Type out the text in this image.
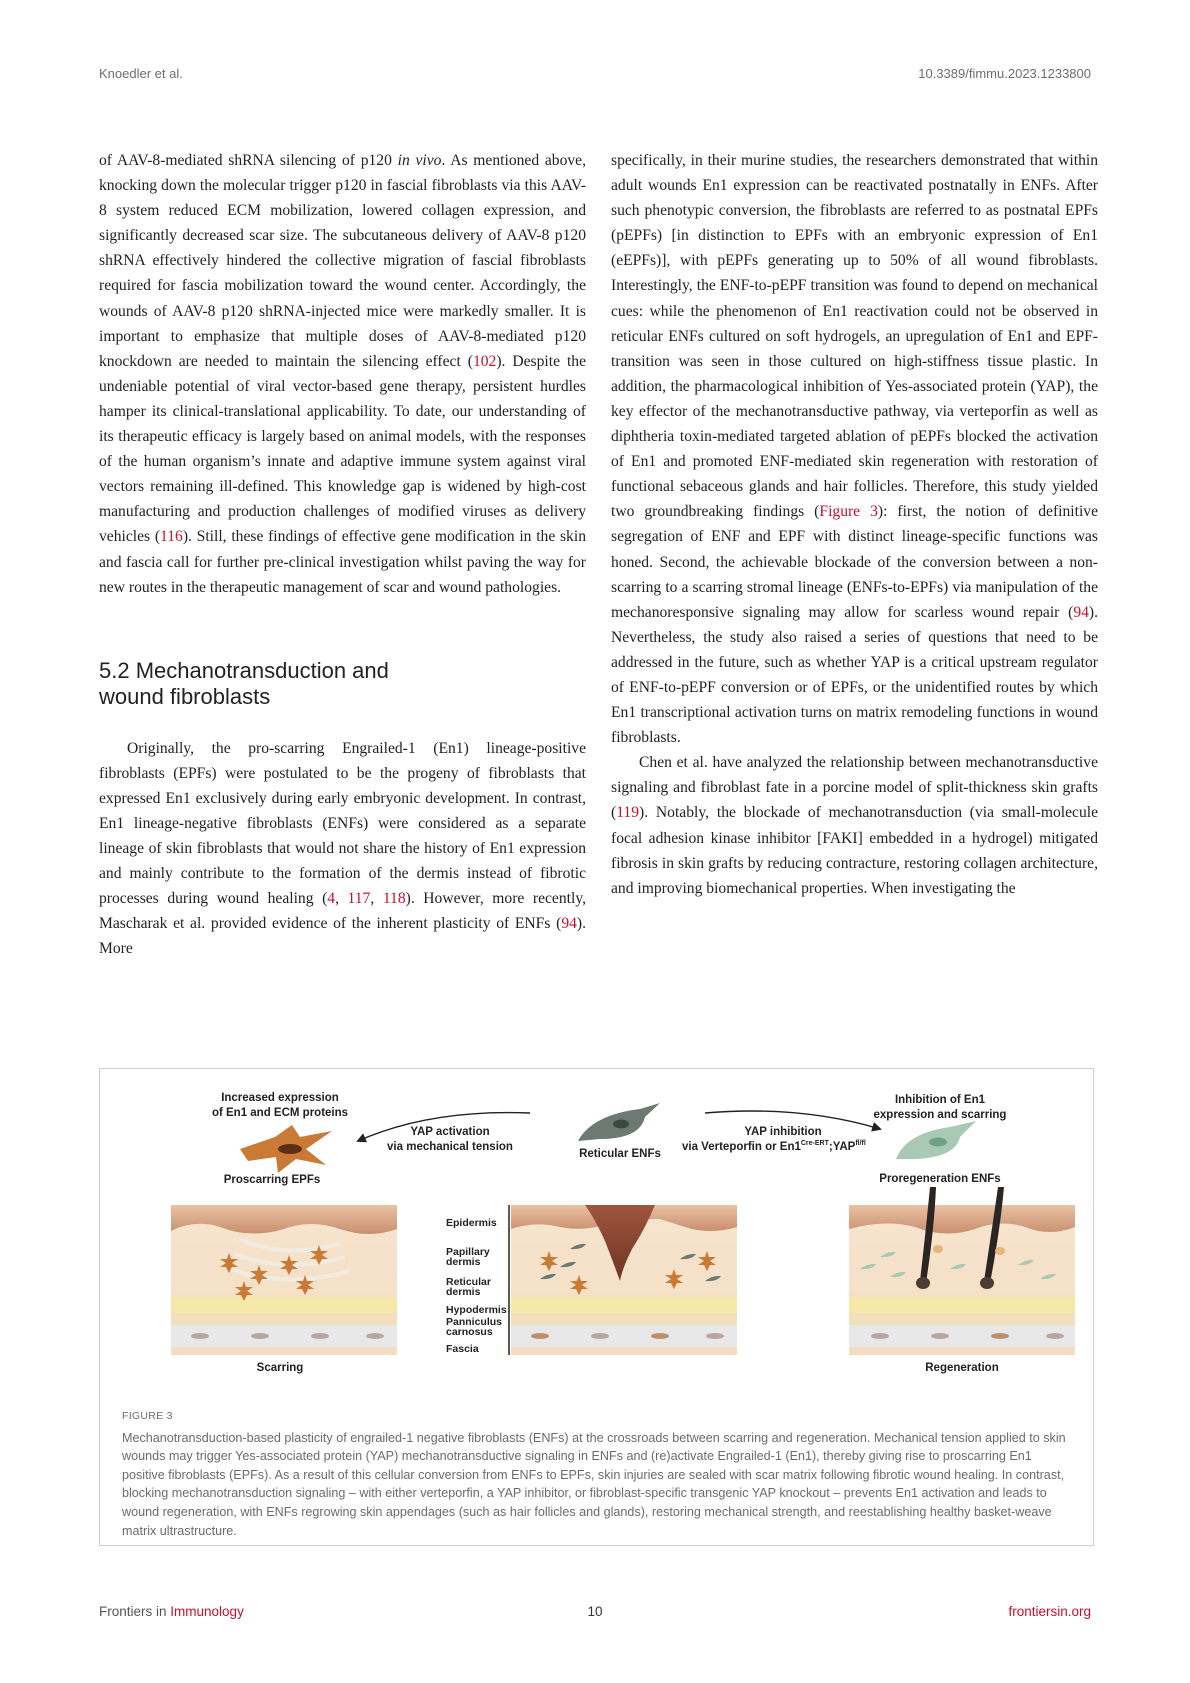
Knoedler et al.	10.3389/fimmu.2023.1233800

of AAV-8-mediated shRNA silencing of p120 in vivo. As mentioned above, knocking down the molecular trigger p120 in fascial fibroblasts via this AAV-8 system reduced ECM mobilization, lowered collagen expression, and significantly decreased scar size. The subcutaneous delivery of AAV-8 p120 shRNA effectively hindered the collective migration of fascial fibroblasts required for fascia mobilization toward the wound center. Accordingly, the wounds of AAV-8 p120 shRNA-injected mice were markedly smaller. It is important to emphasize that multiple doses of AAV-8-mediated p120 knockdown are needed to maintain the silencing effect (102). Despite the undeniable potential of viral vector-based gene therapy, persistent hurdles hamper its clinical-translational applicability. To date, our understanding of its therapeutic efficacy is largely based on animal models, with the responses of the human organism’s innate and adaptive immune system against viral vectors remaining ill-defined. This knowledge gap is widened by high-cost manufacturing and production challenges of modified viruses as delivery vehicles (116). Still, these findings of effective gene modification in the skin and fascia call for further pre-clinical investigation whilst paving the way for new routes in the therapeutic management of scar and wound pathologies.

5.2 Mechanotransduction and
wound fibroblasts

Originally, the pro-scarring Engrailed-1 (En1) lineage-positive fibroblasts (EPFs) were postulated to be the progeny of fibroblasts that expressed En1 exclusively during early embryonic development. In contrast, En1 lineage-negative fibroblasts (ENFs) were considered as a separate lineage of skin fibroblasts that would not share the history of En1 expression and mainly contribute to the formation of the dermis instead of fibrotic processes during wound healing (4, 117, 118). However, more recently, Mascharak et al. provided evidence of the inherent plasticity of ENFs (94). More

specifically, in their murine studies, the researchers demonstrated that within adult wounds En1 expression can be reactivated postnatally in ENFs. After such phenotypic conversion, the fibroblasts are referred to as postnatal EPFs (pEPFs) [in distinction to EPFs with an embryonic expression of En1 (eEPFs)], with pEPFs generating up to 50% of all wound fibroblasts. Interestingly, the ENF-to-pEPF transition was found to depend on mechanical cues: while the phenomenon of En1 reactivation could not be observed in reticular ENFs cultured on soft hydrogels, an upregulation of En1 and EPF-transition was seen in those cultured on high-stiffness tissue plastic. In addition, the pharmacological inhibition of Yes-associated protein (YAP), the key effector of the mechanotransductive pathway, via verteporfin as well as diphtheria toxin-mediated targeted ablation of pEPFs blocked the activation of En1 and promoted ENF-mediated skin regeneration with restoration of functional sebaceous glands and hair follicles. Therefore, this study yielded two groundbreaking findings (Figure 3): first, the notion of definitive segregation of ENF and EPF with distinct lineage-specific functions was honed. Second, the achievable blockade of the conversion between a non-scarring to a scarring stromal lineage (ENFs-to-EPFs) via manipulation of the mechanoresponsive signaling may allow for scarless wound repair (94). Nevertheless, the study also raised a series of questions that need to be addressed in the future, such as whether YAP is a critical upstream regulator of ENF-to-pEPF conversion or of EPFs, or the unidentified routes by which En1 transcriptional activation turns on matrix remodeling functions in wound fibroblasts.

Chen et al. have analyzed the relationship between mechanotransductive signaling and fibroblast fate in a porcine model of split-thickness skin grafts (119). Notably, the blockade of mechanotransduction (via small-molecule focal adhesion kinase inhibitor [FAKI] embedded in a hydrogel) mitigated fibrosis in skin grafts by reducing contracture, restoring collagen architecture, and improving biomechanical properties. When investigating the

Increased expression
of En1 and ECM proteins
Proscarring EPFs
YAP activation
via mechanical tension
Reticular ENFs
YAP inhibition
via Verteporfin or $En1^{Cre-ERT};YAP^{fl/fl}$
Inhibition of En1
expression and scarring
Proregeneration ENFs
Scarring
Epidermis
Papillary
dermis
Reticular
dermis
Hypodermis
Panniculus
carnosus
Fascia
Regeneration
FIGURE 3
Mechanotransduction-based plasticity of engrailed-1 negative fibroblasts (ENFs) at the crossroads between scarring and regeneration. Mechanical tension applied to skin wounds may trigger Yes-associated protein (YAP) mechanotransductive signaling in ENFs and (re)activate Engrailed-1 (En1), thereby giving rise to proscarring En1 positive fibroblasts (EPFs). As a result of this cellular conversion from ENFs to EPFs, skin injuries are sealed with scar matrix following fibrotic wound healing. In contrast, blocking mechanotransduction signaling – with either verteporfin, a YAP inhibitor, or fibroblast-specific transgenic YAP knockout – prevents En1 activation and leads to wound regeneration, with ENFs regrowing skin appendages (such as hair follicles and glands), restoring mechanical strength, and reestablishing healthy basket-weave matrix ultrastructure.
Frontiers in Immunology	10	frontiersin.org
